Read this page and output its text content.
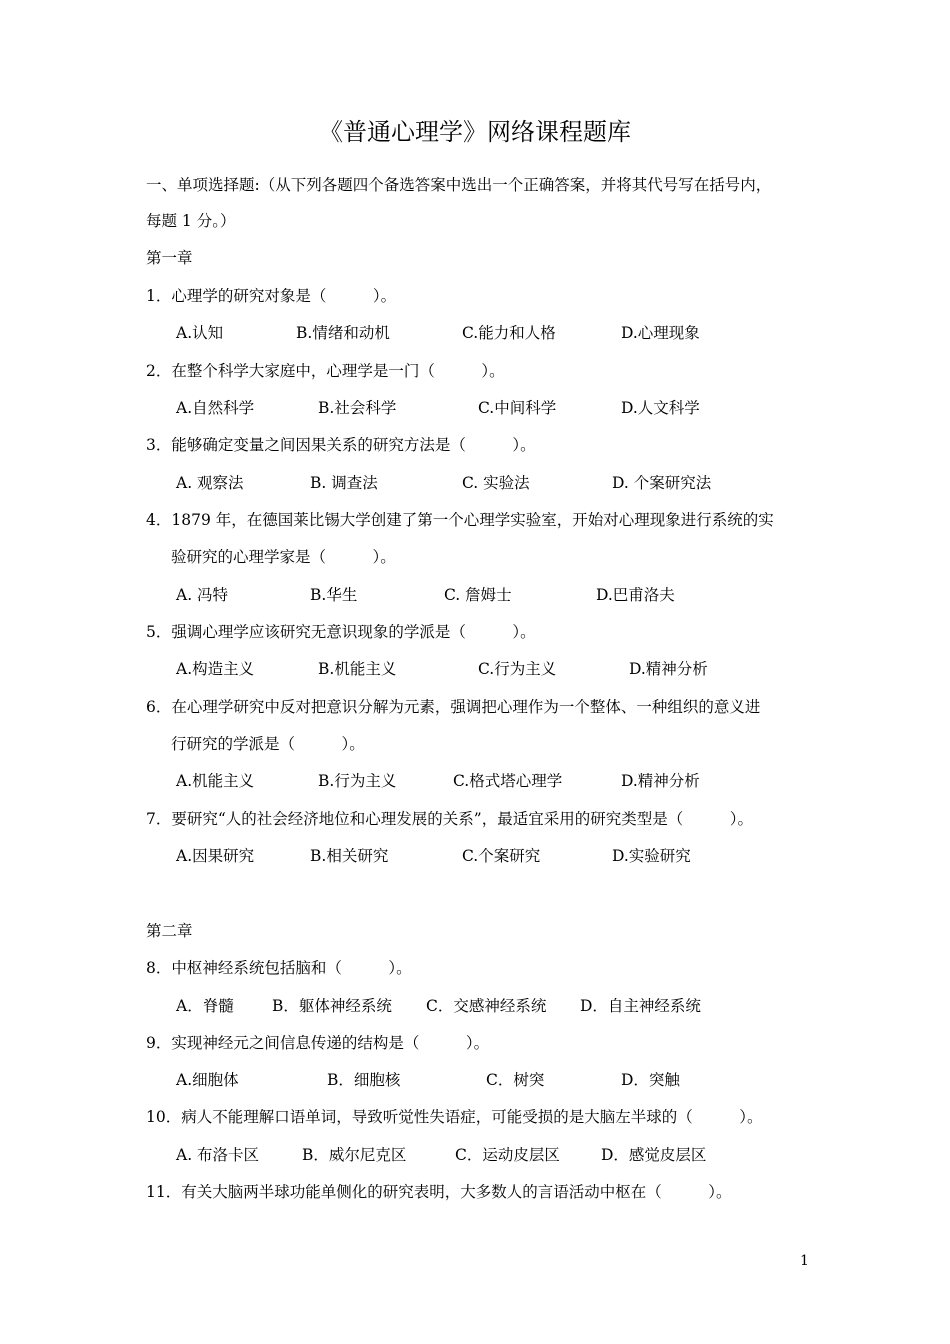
《普通心理学》网络课程题库
一、单项选择题:（从下列各题四个备选答案中选出一个正确答案，并将其代号写在括号内，
每题 1 分。）
第一章
1．心理学的研究对象是（　　　）。
A.认知	B.情绪和动机	C.能力和人格	D.心理现象
2．在整个科学大家庭中，心理学是一门（　　　）。
A.自然科学	B.社会科学	C.中间科学	D.人文科学
3．能够确定变量之间因果关系的研究方法是（　　　）。
A. 观察法	B. 调查法	C. 实验法	D. 个案研究法
4．1879 年，在德国莱比锡大学创建了第一个心理学实验室，开始对心理现象进行系统的实
验研究的心理学家是（　　　）。
A. 冯特	B.华生	C. 詹姆士	D.巴甫洛夫
5．强调心理学应该研究无意识现象的学派是（　　　）。
A.构造主义	B.机能主义	C.行为主义	D.精神分析
6．在心理学研究中反对把意识分解为元素，强调把心理作为一个整体、一种组织的意义进
行研究的学派是（　　　）。
A.机能主义	B.行为主义	C.格式塔心理学	D.精神分析
7．要研究“人的社会经济地位和心理发展的关系”，最适宜采用的研究类型是（　　　）。
A.因果研究	B.相关研究	C.个案研究	D.实验研究
第二章
8．中枢神经系统包括脑和（　　　）。
A．脊髓 B．躯体神经系统 C．交感神经系统 D．自主神经系统
9．实现神经元之间信息传递的结构是（　　　）。
A.细胞体	B．细胞核	C．树突	D．突触
10．病人不能理解口语单词，导致听觉性失语症，可能受损的是大脑左半球的（　　　）。
A. 布洛卡区	B．威尔尼克区	C．运动皮层区	D．感觉皮层区
11．有关大脑两半球功能单侧化的研究表明，大多数人的言语活动中枢在（　　　）。
1
